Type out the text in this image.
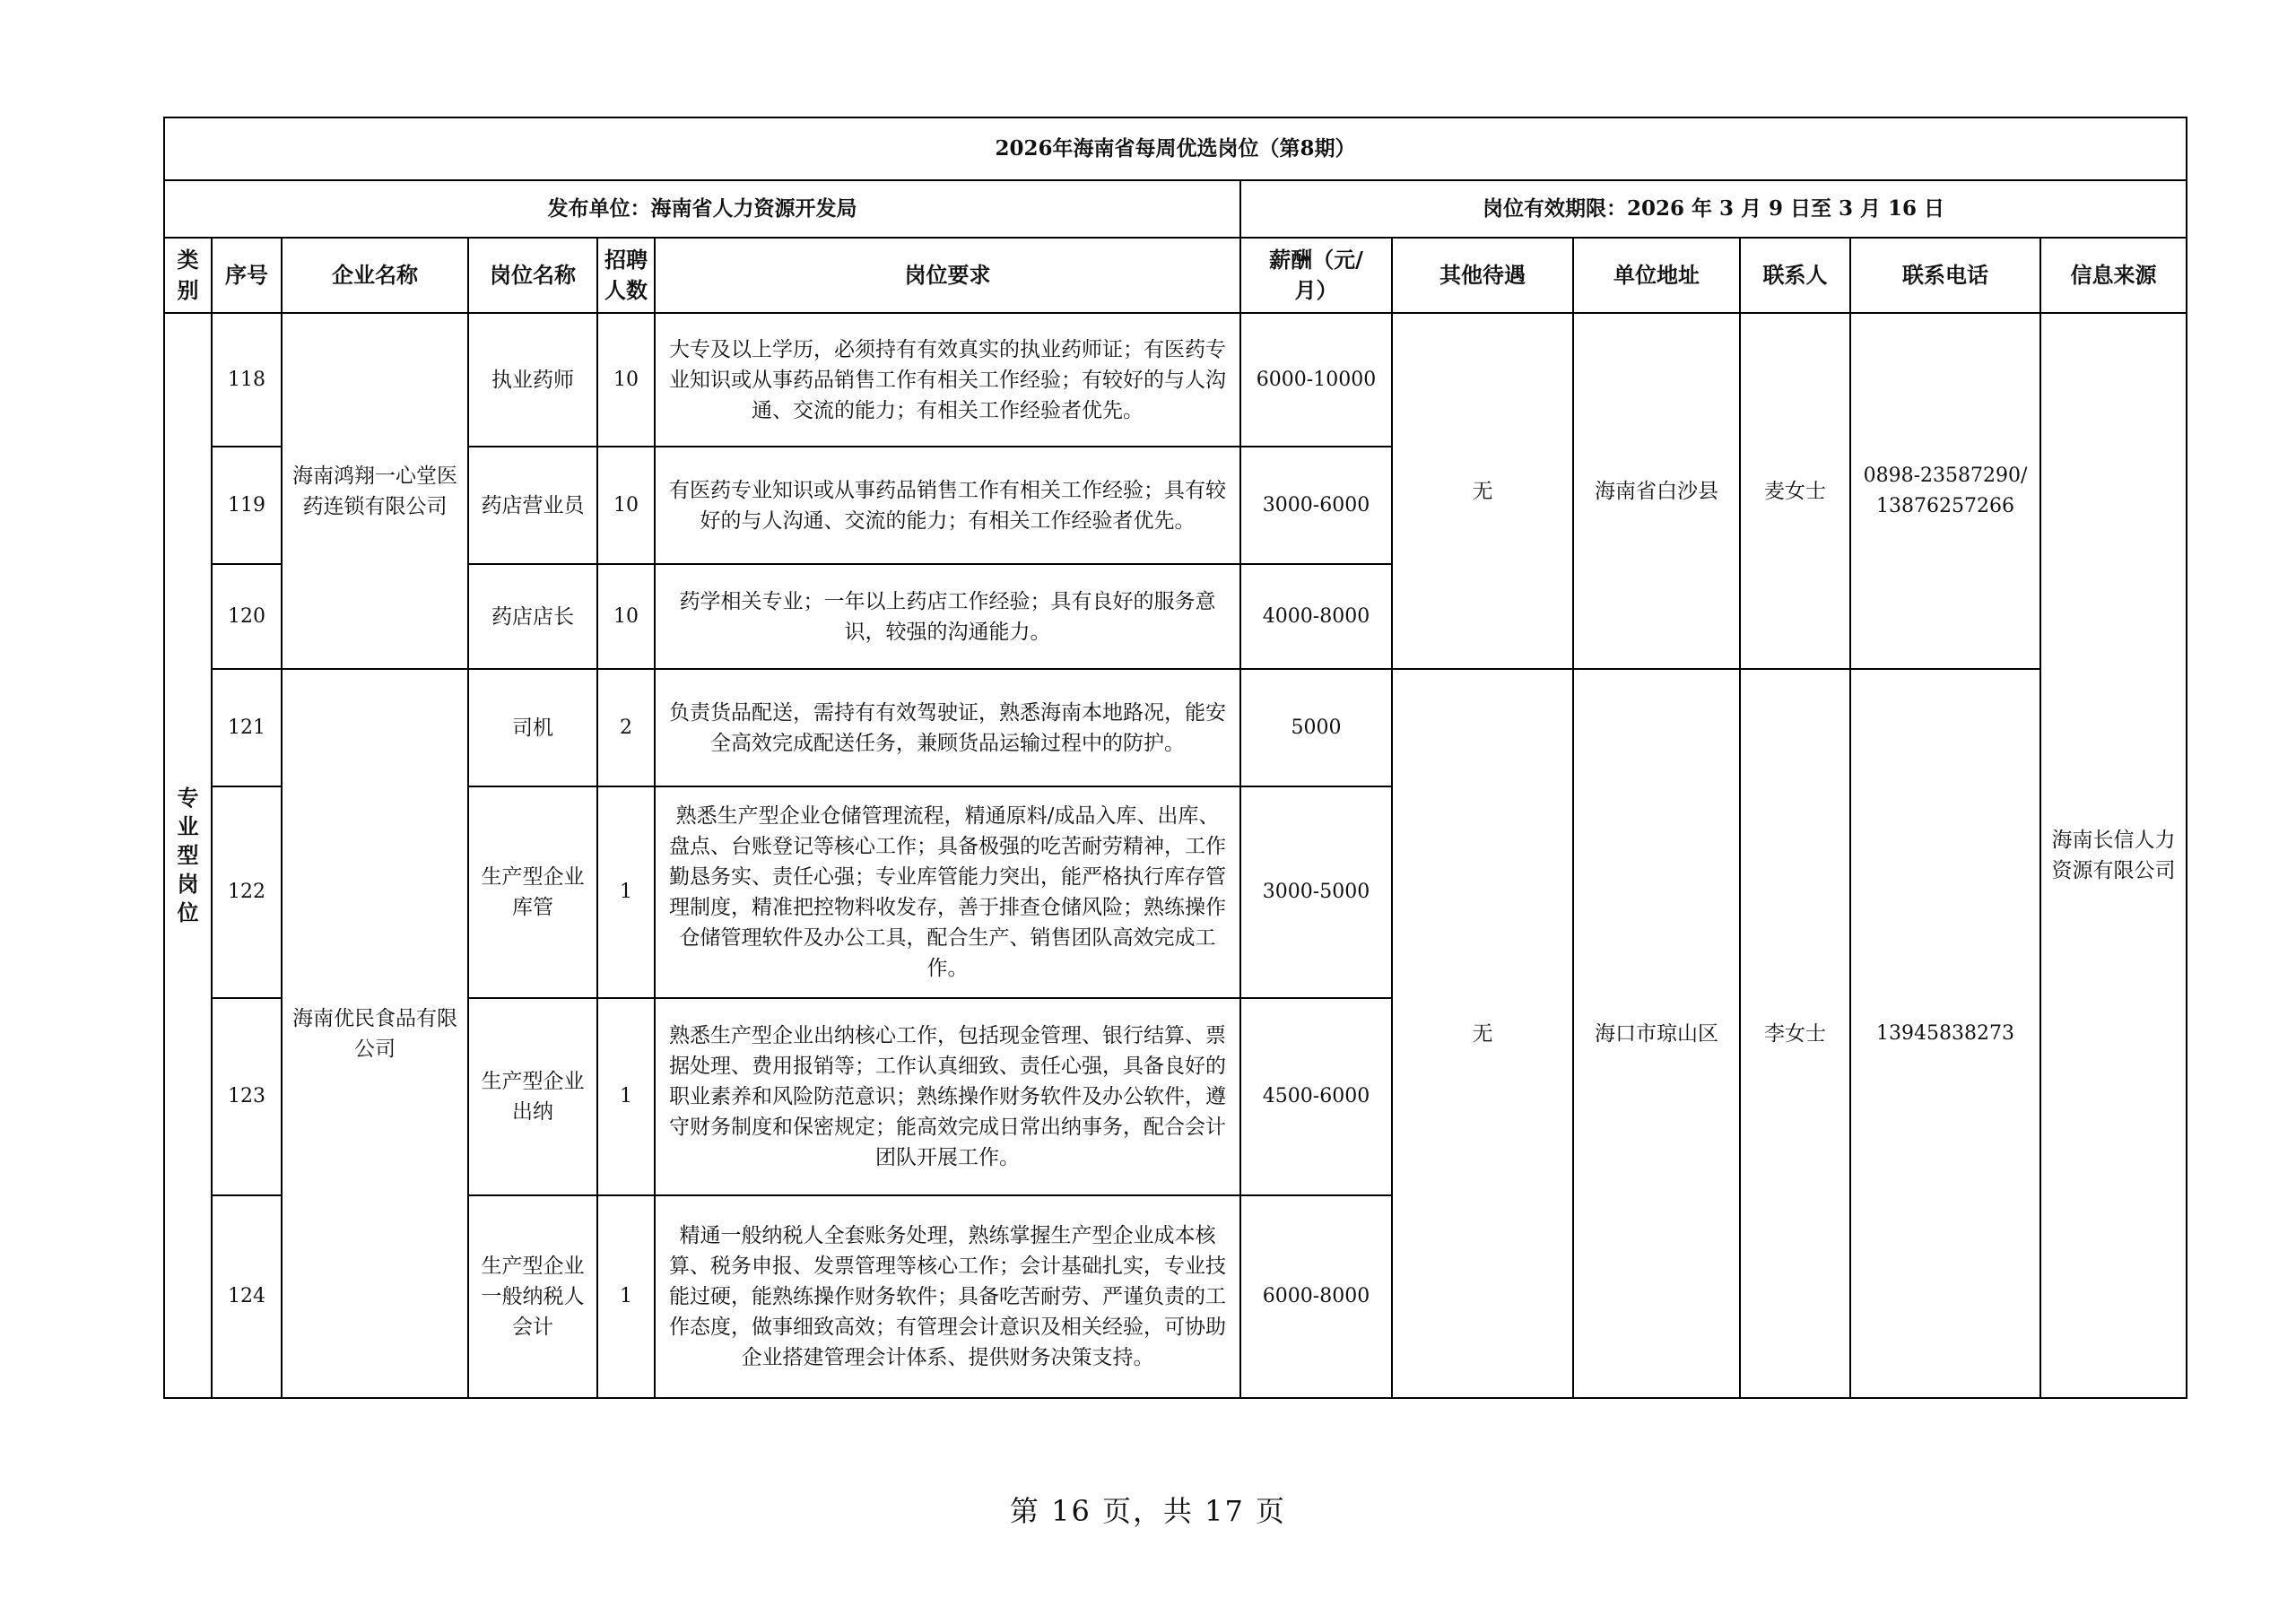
2026年海南省每周优选岗位（第8期）											
发布单位：海南省人力资源开发局						岗位有效期限：2026 年 3 月 9 日至 3 月 16 日					
类别	序号	企业名称	岗位名称	招聘人数	岗位要求	薪酬（元/月）	其他待遇	单位地址	联系人	联系电话	信息来源
专业型岗位	118	海南鸿翔一心堂医药连锁有限公司	执业药师	10	大专及以上学历，必须持有有效真实的执业药师证；有医药专业知识或从事药品销售工作有相关工作经验；有较好的与人沟通、交流的能力；有相关工作经验者优先。	6000-10000	无	海南省白沙县	麦女士	0898-23587290/13876257266	海南长信人力资源有限公司
	119		药店营业员	10	有医药专业知识或从事药品销售工作有相关工作经验；具有较好的与人沟通、交流的能力；有相关工作经验者优先。	3000-6000					
	120		药店店长	10	药学相关专业；一年以上药店工作经验；具有良好的服务意识，较强的沟通能力。	4000-8000					
	121	海南优民食品有限公司	司机	2	负责货品配送，需持有有效驾驶证，熟悉海南本地路况，能安全高效完成配送任务，兼顾货品运输过程中的防护。	5000	无	海口市琼山区	李女士	13945838273	
	122		生产型企业库管	1	熟悉生产型企业仓储管理流程，精通原料/成品入库、出库、盘点、台账登记等核心工作；具备极强的吃苦耐劳精神，工作勤恳务实、责任心强；专业库管能力突出，能严格执行库存管理制度，精准把控物料收发存，善于排查仓储风险；熟练操作仓储管理软件及办公工具，配合生产、销售团队高效完成工作。	3000-5000					
	123		生产型企业出纳	1	熟悉生产型企业出纳核心工作，包括现金管理、银行结算、票据处理、费用报销等；工作认真细致、责任心强，具备良好的职业素养和风险防范意识；熟练操作财务软件及办公软件，遵守财务制度和保密规定；能高效完成日常出纳事务，配合会计团队开展工作。	4500-6000					
	124		生产型企业一般纳税人会计	1	精通一般纳税人全套账务处理，熟练掌握生产型企业成本核算、税务申报、发票管理等核心工作；会计基础扎实，专业技能过硬，能熟练操作财务软件；具备吃苦耐劳、严谨负责的工作态度，做事细致高效；有管理会计意识及相关经验，可协助企业搭建管理会计体系、提供财务决策支持。	6000-8000					
第 16 页，共 17 页
